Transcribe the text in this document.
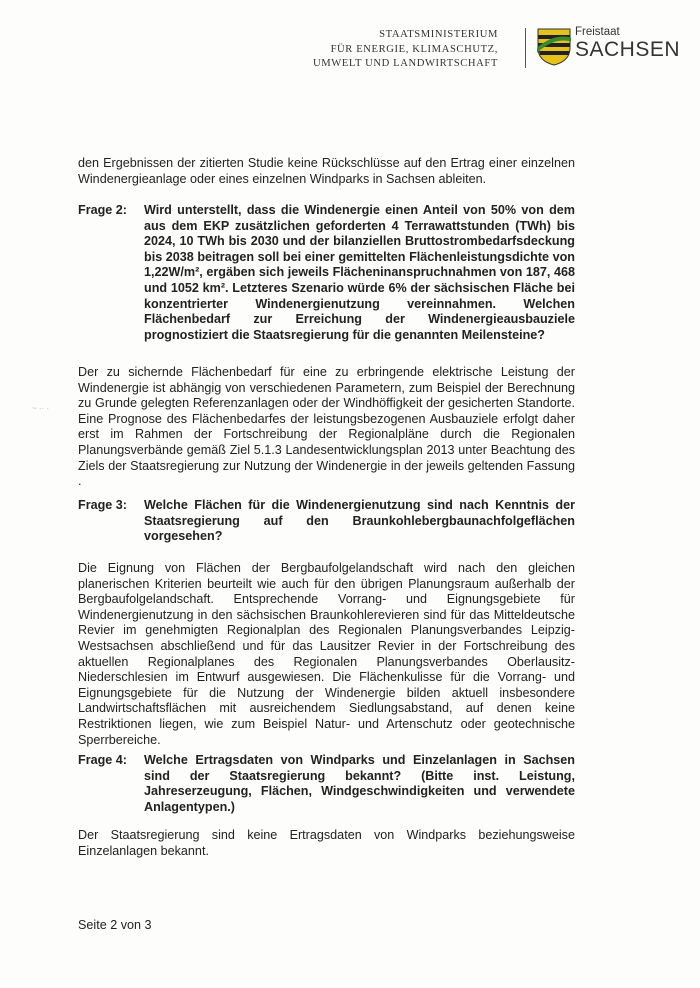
STAATSMINISTERIUM
FÜR ENERGIE, KLIMASCHUTZ,
UMWELT UND LANDWIRTSCHAFT
Freistaat
SACHSEN
~ ·· ·

den Ergebnissen der zitierten Studie keine Rückschlüsse auf den Ertrag einer einzelnen Windenergieanlage oder eines einzelnen Windparks in Sachsen ableiten.

Frage 2: Wird unterstellt, dass die Windenergie einen Anteil von 50% von dem aus dem EKP zusätzlichen geforderten 4 Terrawattstunden (TWh) bis 2024, 10 TWh bis 2030 und der bilanziellen Bruttostrombedarfsdeckung bis 2038 beitragen soll bei einer gemittelten Flächenleistungsdichte von 1,22W/m², ergäben sich jeweils Flächeninanspruchnahmen von 187, 468 und 1052 km². Letzteres Szenario würde 6% der sächsischen Fläche bei konzentrierter Windenergienutzung vereinnahmen. Welchen Flächenbedarf zur Erreichung der Windenergieausbauziele prognostiziert die Staatsregierung für die genannten Meilensteine?

Der zu sichernde Flächenbedarf für eine zu erbringende elektrische Leistung der Windenergie ist abhängig von verschiedenen Parametern, zum Beispiel der Berechnung zu Grunde gelegten Referenzanlagen oder der Windhöffigkeit der gesicherten Standorte. Eine Prognose des Flächenbedarfes der leistungsbezogenen Ausbauziele erfolgt daher erst im Rahmen der Fortschreibung der Regionalpläne durch die Regionalen Planungsverbände gemäß Ziel 5.1.3 Landesentwicklungsplan 2013 unter Beachtung des Ziels der Staatsregierung zur Nutzung der Windenergie in der jeweils geltenden Fassung .

Frage 3: Welche Flächen für die Windenergienutzung sind nach Kenntnis der Staatsregierung auf den Braunkohlebergbaunachfolgeflächen vorgesehen?

Die Eignung von Flächen der Bergbaufolgelandschaft wird nach den gleichen planerischen Kriterien beurteilt wie auch für den übrigen Planungsraum außerhalb der Bergbaufolgelandschaft. Entsprechende Vorrang- und Eignungsgebiete für Windenergienutzung in den sächsischen Braunkohlerevieren sind für das Mitteldeutsche Revier im genehmigten Regionalplan des Regionalen Planungsverbandes Leipzig-Westsachsen abschließend und für das Lausitzer Revier in der Fortschreibung des aktuellen Regionalplanes des Regionalen Planungsverbandes Oberlausitz-Niederschlesien im Entwurf ausgewiesen. Die Flächenkulisse für die Vorrang- und Eignungsgebiete für die Nutzung der Windenergie bilden aktuell insbesondere Landwirtschaftsflächen mit ausreichendem Siedlungsabstand, auf denen keine Restriktionen liegen, wie zum Beispiel Natur- und Artenschutz oder geotechnische Sperrbereiche.

Frage 4: Welche Ertragsdaten von Windparks und Einzelanlagen in Sachsen sind der Staatsregierung bekannt? (Bitte inst. Leistung, Jahreserzeugung, Flächen, Windgeschwindigkeiten und verwendete Anlagentypen.)

Der Staatsregierung sind keine Ertragsdaten von Windparks beziehungsweise Einzelanlagen bekannt.

Seite 2 von 3
